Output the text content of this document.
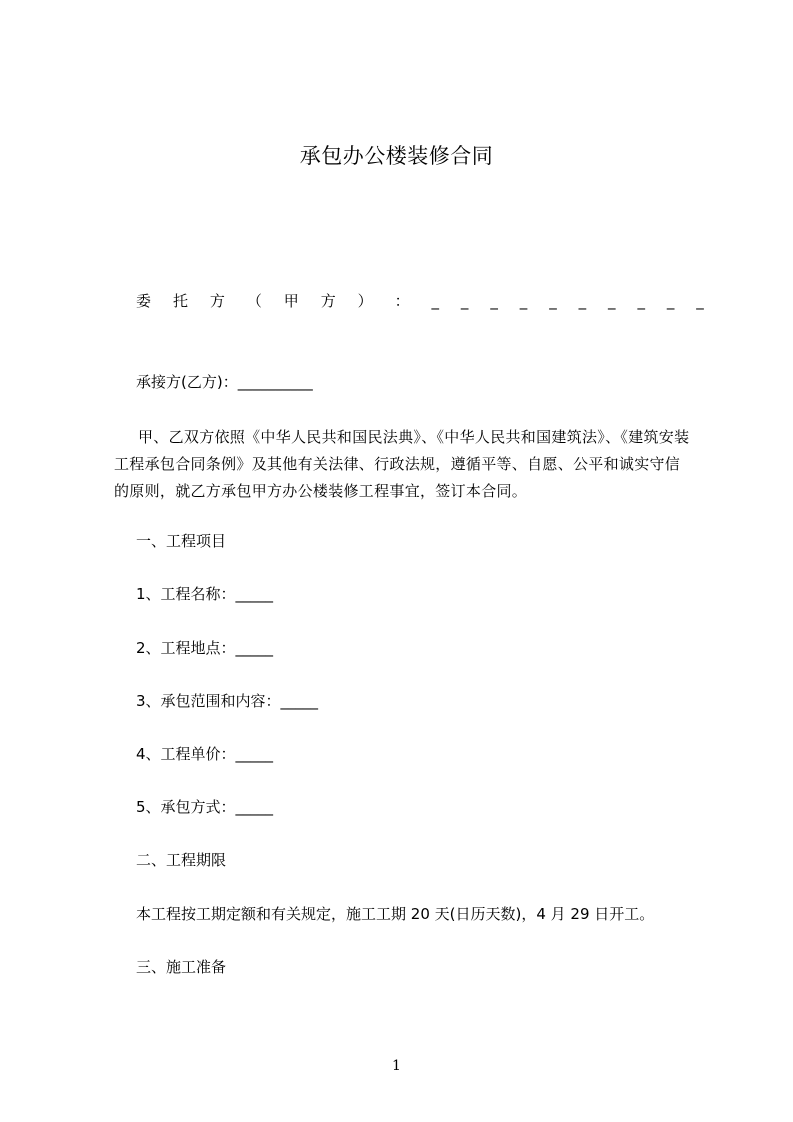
承包办公楼装修合同
委 托 方 （ 甲 方 ） ： _ _ _ _ _ _ _ _ _ _
承接方(乙方)：__________
甲、乙双方依照《中华人民共和国民法典》、《中华人民共和国建筑法》、《建筑安装工程承包合同条例》及其他有关法律、行政法规，遵循平等、自愿、公平和诚实守信的原则，就乙方承包甲方办公楼装修工程事宜，签订本合同。
一、工程项目
1、工程名称：_____
2、工程地点：_____
3、承包范围和内容：_____
4、工程单价：_____
5、承包方式：_____
二、工程期限
本工程按工期定额和有关规定，施工工期 20 天(日历天数)，4 月 29 日开工。
三、施工准备
1
